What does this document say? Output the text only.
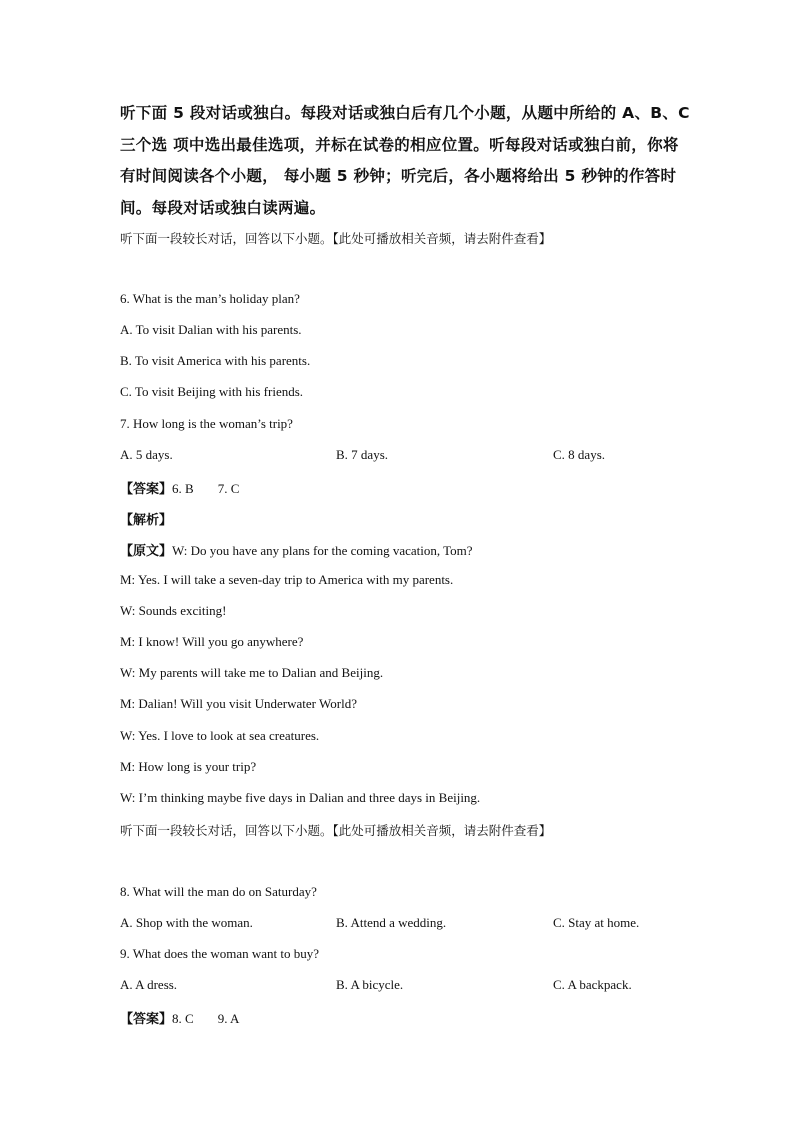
听下面 5 段对话或独白。每段对话或独白后有几个小题，从题中所给的 A、B、C 三个选 项中选出最佳选项，并标在试卷的相应位置。听每段对话或独白前，你将有时间阅读各个小题， 每小题 5 秒钟；听完后，各小题将给出 5 秒钟的作答时间。每段对话或独白读两遍。
听下面一段较长对话，回答以下小题。【此处可播放相关音频，请去附件查看】
6. What is the man’s holiday plan?
A. To visit Dalian with his parents.
B. To visit America with his parents.
C. To visit Beijing with his friends.
7. How long is the woman’s trip?
A. 5 days.	B. 7 days.	C. 8 days.
【答案】6. B 7. C
【解析】
【原文】W: Do you have any plans for the coming vacation, Tom?
M: Yes. I will take a seven-day trip to America with my parents.
W: Sounds exciting!
M: I know! Will you go anywhere?
W: My parents will take me to Dalian and Beijing.
M: Dalian! Will you visit Underwater World?
W: Yes. I love to look at sea creatures.
M: How long is your trip?
W: I’m thinking maybe five days in Dalian and three days in Beijing.
听下面一段较长对话，回答以下小题。【此处可播放相关音频，请去附件查看】
8. What will the man do on Saturday?
A. Shop with the woman.	B. Attend a wedding.	C. Stay at home.
9. What does the woman want to buy?
A. A dress.	B. A bicycle.	C. A backpack.
【答案】8. C 9. A
